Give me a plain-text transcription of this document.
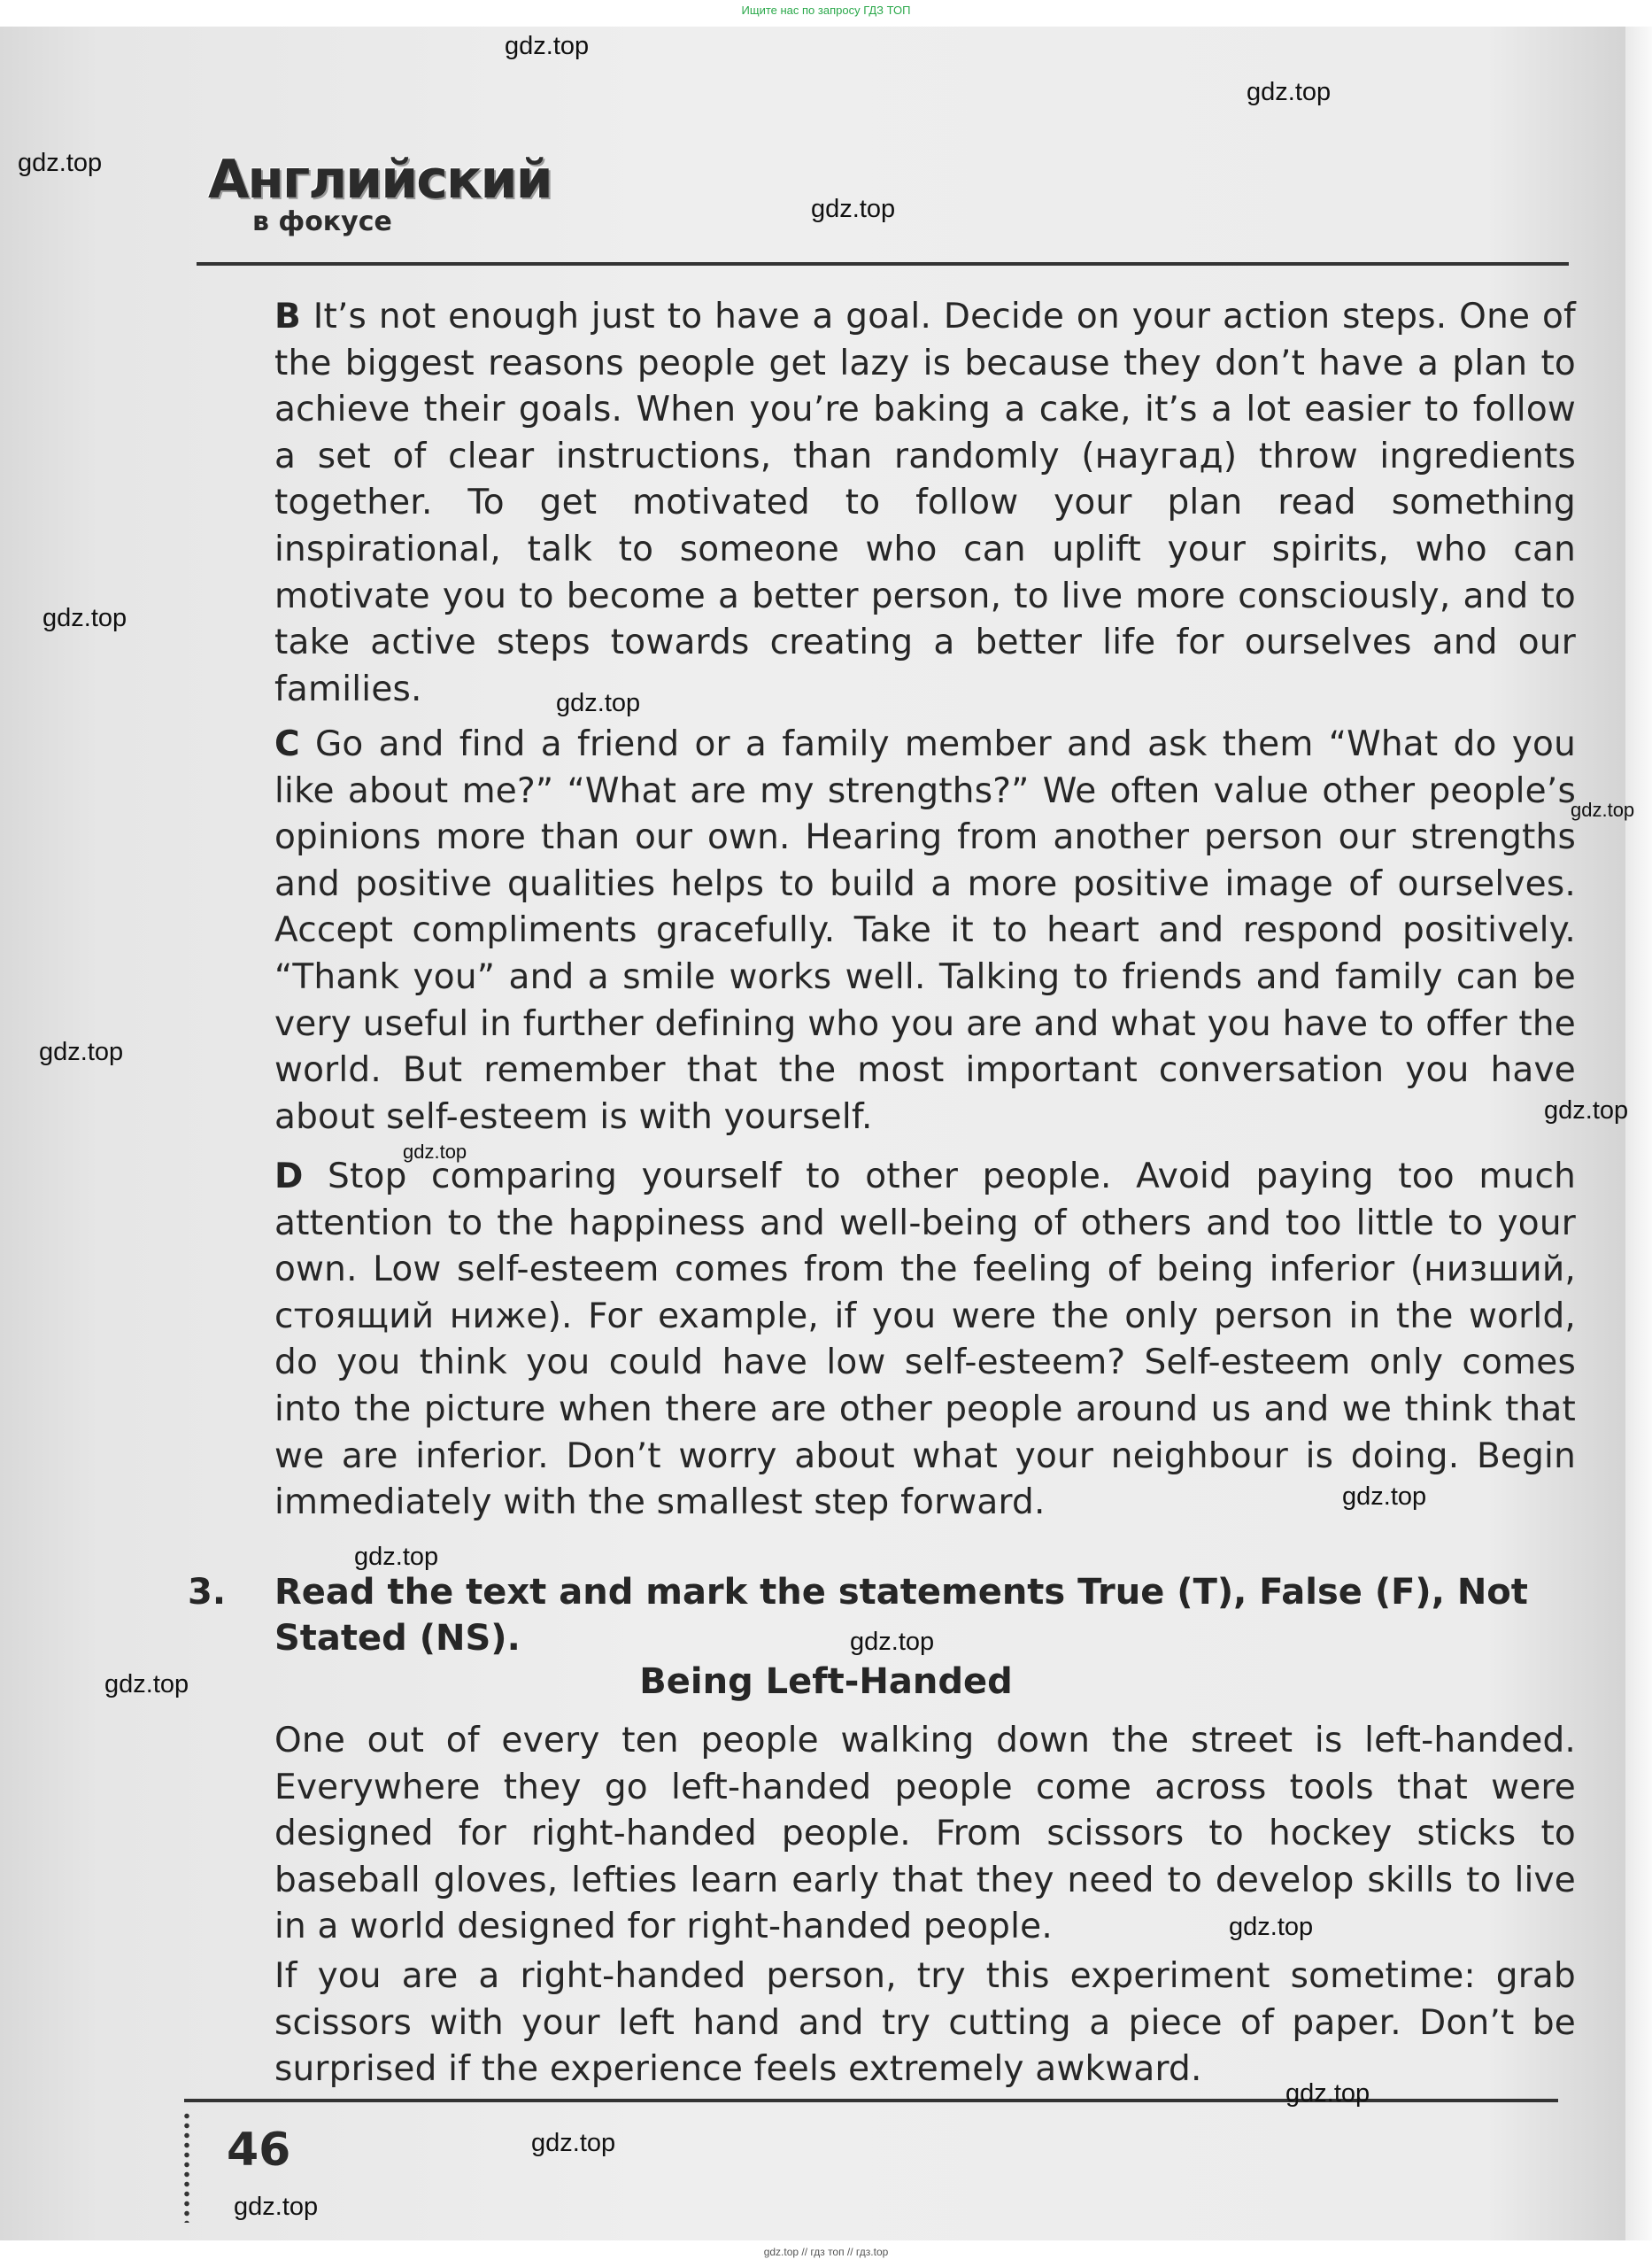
Ищите нас по запросу ГДЗ ТОП
Английский
в фокусе

B It’s not enough just to have a goal. Decide on your action steps. One of the biggest reasons people get lazy is because they don’t have a plan to achieve their goals. When you’re baking a cake, it’s a lot easier to follow a set of clear instructions, than randomly (наугад) throw ingredients together. To get motivated to follow your plan read something inspirational, talk to someone who can uplift your spirits, who can motivate you to become a better person, to live more consciously, and to take active steps towards creating a better life for ourselves and our families.

C Go and find a friend or a family member and ask them “What do you like about me?” “What are my strengths?” We often value other people’s opinions more than our own. Hearing from another person our strengths and positive qualities helps to build a more positive image of ourselves. Accept compliments gracefully. Take it to heart and respond positively. “Thank you” and a smile works well. Talking to friends and family can be very useful in further defining who you are and what you have to offer the world. But remember that the most important conversation you have about self-esteem is with yourself.

D Stop comparing yourself to other people. Avoid paying too much attention to the happiness and well-being of others and too little to your own. Low self-esteem comes from the feeling of being inferior (низший, стоящий ниже). For example, if you were the only person in the world, do you think you could have low self-esteem? Self-esteem only comes into the picture when there are other people around us and we think that we are inferior. Don’t worry about what your neighbour is doing. Begin immediately with the smallest step forward.

3. Read the text and mark the statements True (T), False (F), Not Stated (NS).
Being Left-Handed

One out of every ten people walking down the street is left-handed. Everywhere they go left-handed people come across tools that were designed for right-handed people. From scissors to hockey sticks to baseball gloves, lefties learn early that they need to develop skills to live in a world designed for right-handed people.

If you are a right-handed person, try this experiment sometime: grab scissors with your left hand and try cutting a piece of paper. Don’t be surprised if the experience feels extremely awkward.

46
gdz.top
gdz.top
gdz.top
gdz.top
gdz.top
gdz.top
gdz.top
gdz.top
gdz.top
gdz.top
gdz.top
gdz.top
gdz.top
gdz.top
gdz.top
gdz.top
gdz.top
gdz.top
gdz.top // гдз топ // гдз.top
